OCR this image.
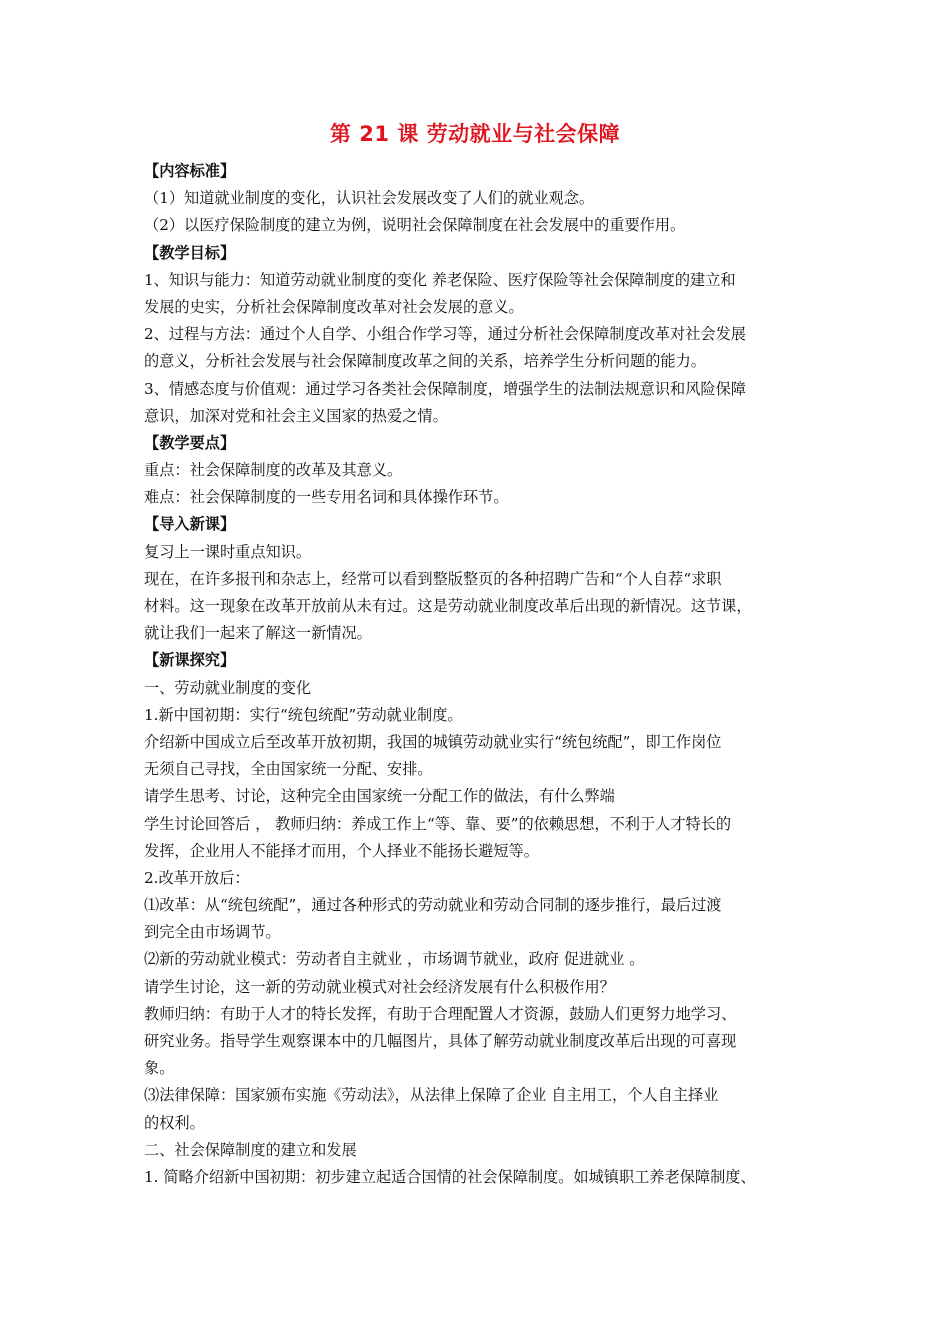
第 21 课 劳动就业与社会保障
【内容标准】
（1）知道就业制度的变化，认识社会发展改变了人们的就业观念。
（2）以医疗保险制度的建立为例，说明社会保障制度在社会发展中的重要作用。
【教学目标】
1、知识与能力：知道劳动就业制度的变化 养老保险、医疗保险等社会保障制度的建立和
发展的史实，分析社会保障制度改革对社会发展的意义。
2、过程与方法：通过个人自学、小组合作学习等，通过分析社会保障制度改革对社会发展
的意义，分析社会发展与社会保障制度改革之间的关系，培养学生分析问题的能力。
3、情感态度与价值观：通过学习各类社会保障制度，增强学生的法制法规意识和风险保障
意识，加深对党和社会主义国家的热爱之情。
【教学要点】
重点：社会保障制度的改革及其意义。
难点：社会保障制度的一些专用名词和具体操作环节。
【导入新课】
复习上一课时重点知识。
现在，在许多报刊和杂志上，经常可以看到整版整页的各种招聘广告和“个人自荐“求职
材料。这一现象在改革开放前从未有过。这是劳动就业制度改革后出现的新情况。这节课，
就让我们一起来了解这一新情况。
【新课探究】
一、劳动就业制度的变化
1.新中国初期：实行“统包统配”劳动就业制度。
介绍新中国成立后至改革开放初期，我国的城镇劳动就业实行“统包统配”，即工作岗位
无须自己寻找，全由国家统一分配、安排。
请学生思考、讨论，这种完全由国家统一分配工作的做法，有什么弊端
学生讨论回答后 ， 教师归纳：养成工作上“等、靠、要”的依赖思想，不利于人才特长的
发挥，企业用人不能择才而用，个人择业不能扬长避短等。
2.改革开放后：
⑴改革：从“统包统配”，通过各种形式的劳动就业和劳动合同制的逐步推行，最后过渡
到完全由市场调节。
⑵新的劳动就业模式：劳动者自主就业 ，市场调节就业，政府 促进就业 。
请学生讨论，这一新的劳动就业模式对社会经济发展有什么积极作用？
教师归纳：有助于人才的特长发挥，有助于合理配置人才资源，鼓励人们更努力地学习、
研究业务。指导学生观察课本中的几幅图片，具体了解劳动就业制度改革后出现的可喜现
象。
⑶法律保障：国家颁布实施《劳动法》，从法律上保障了企业 自主用工，个人自主择业
的权利。
二、社会保障制度的建立和发展
1. 简略介绍新中国初期：初步建立起适合国情的社会保障制度。如城镇职工养老保障制度、
